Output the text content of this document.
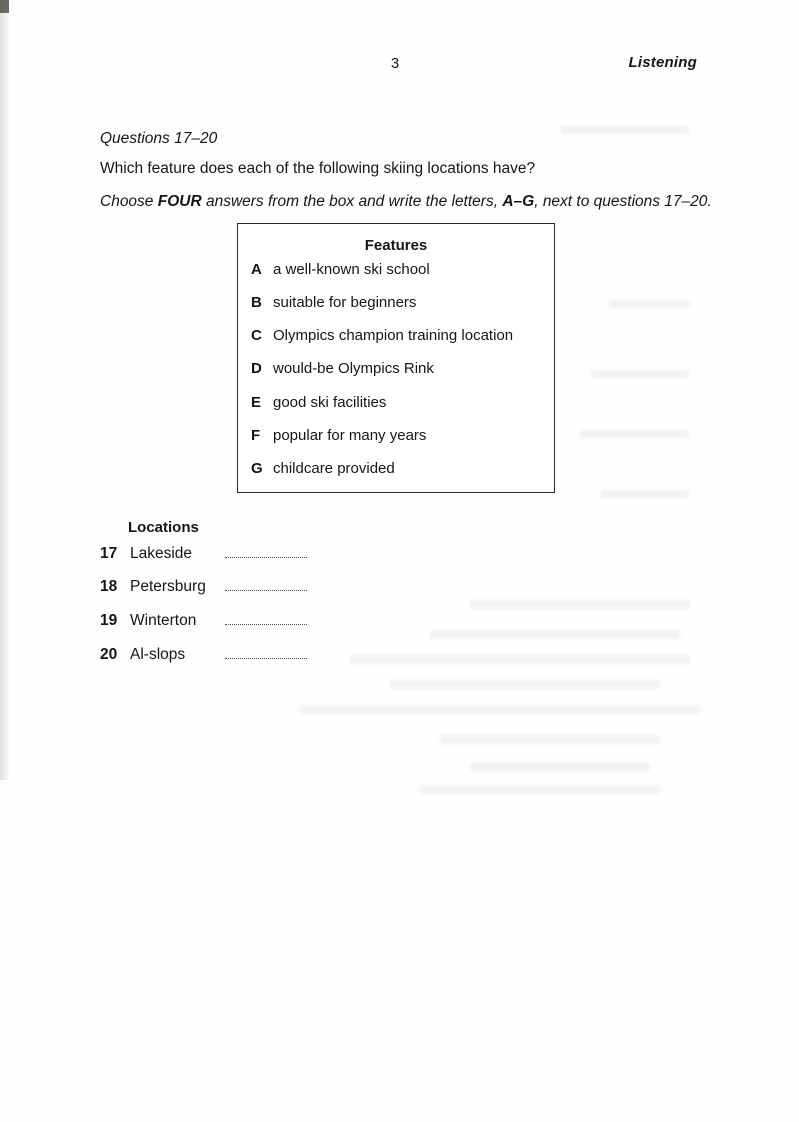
3	Listening
Questions 17–20
Which feature does each of the following skiing locations have?
Choose FOUR answers from the box and write the letters, A–G, next to questions 17–20.
Features
A a well-known ski school
B suitable for beginners
C Olympics champion training location
D would-be Olympics Rink
E good ski facilities
F popular for many years
G childcare provided
Locations
17 Lakeside
18 Petersburg
19 Winterton
20 Al-slops
